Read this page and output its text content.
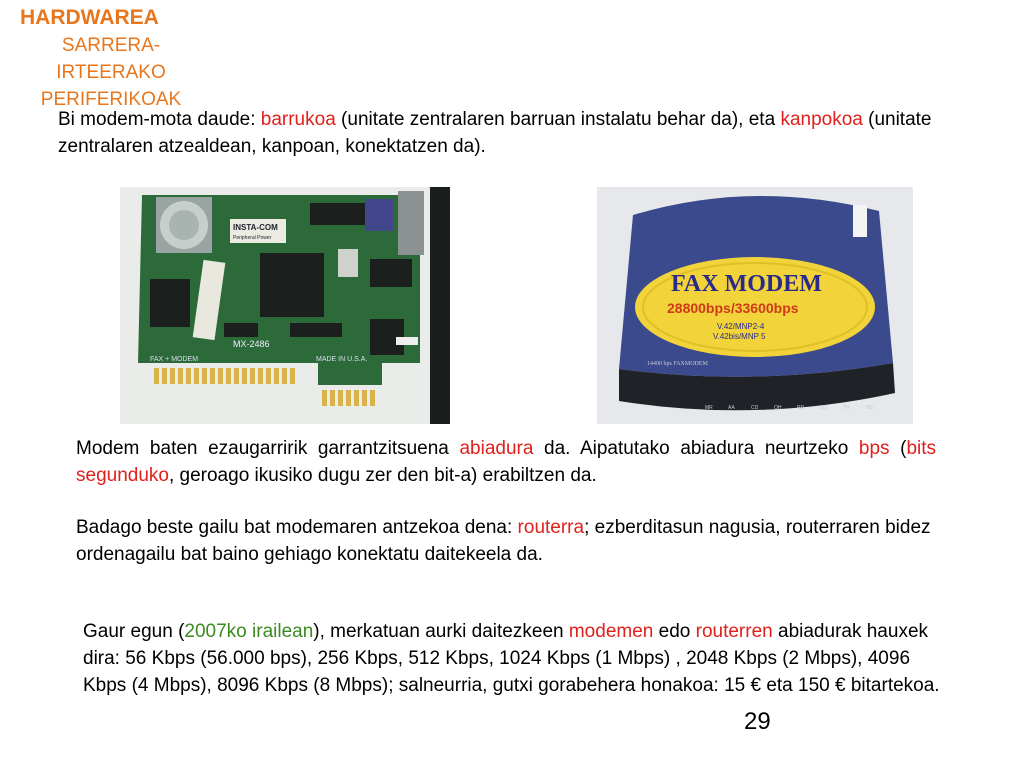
HARDWAREA
SARRERA-
IRTEERAKO
PERIFERIKOAK
Bi modem-mota daude: barrukoa (unitate zentralaren barruan instalatu behar da), eta kanpokoa (unitate zentralaren atzealdean, kanpoan, konektatzen da).
INSTA-COM
Peripheral Power
MX-2486
FAX + MODEM	MADE IN U.S.A.
FAX MODEM
28800bps/33600bps
V.42/MNP2-4
V.42bis/MNP 5
14400 bps FAXMODEM
MR	AA	CD	OH	RD	SD	TR	HS
Modem baten ezaugarririk garrantzitsuena abiadura da. Aipatutako abiadura neurtzeko bps (bits segunduko, geroago ikusiko dugu zer den bit-a) erabiltzen da.
Badago beste gailu bat modemaren antzekoa dena: routerra; ezberditasun nagusia, routerraren bidez ordenagailu bat baino gehiago konektatu daitekeela da.
Gaur egun (2007ko irailean), merkatuan aurki daitezkeen modemen edo routerren abiadurak hauxek dira: 56 Kbps (56.000 bps), 256 Kbps, 512 Kbps, 1024 Kbps (1 Mbps) , 2048 Kbps (2 Mbps), 4096 Kbps (4 Mbps), 8096 Kbps (8 Mbps); salneurria, gutxi gorabehera honakoa: 15 € eta 150 € bitartekoa.
29
